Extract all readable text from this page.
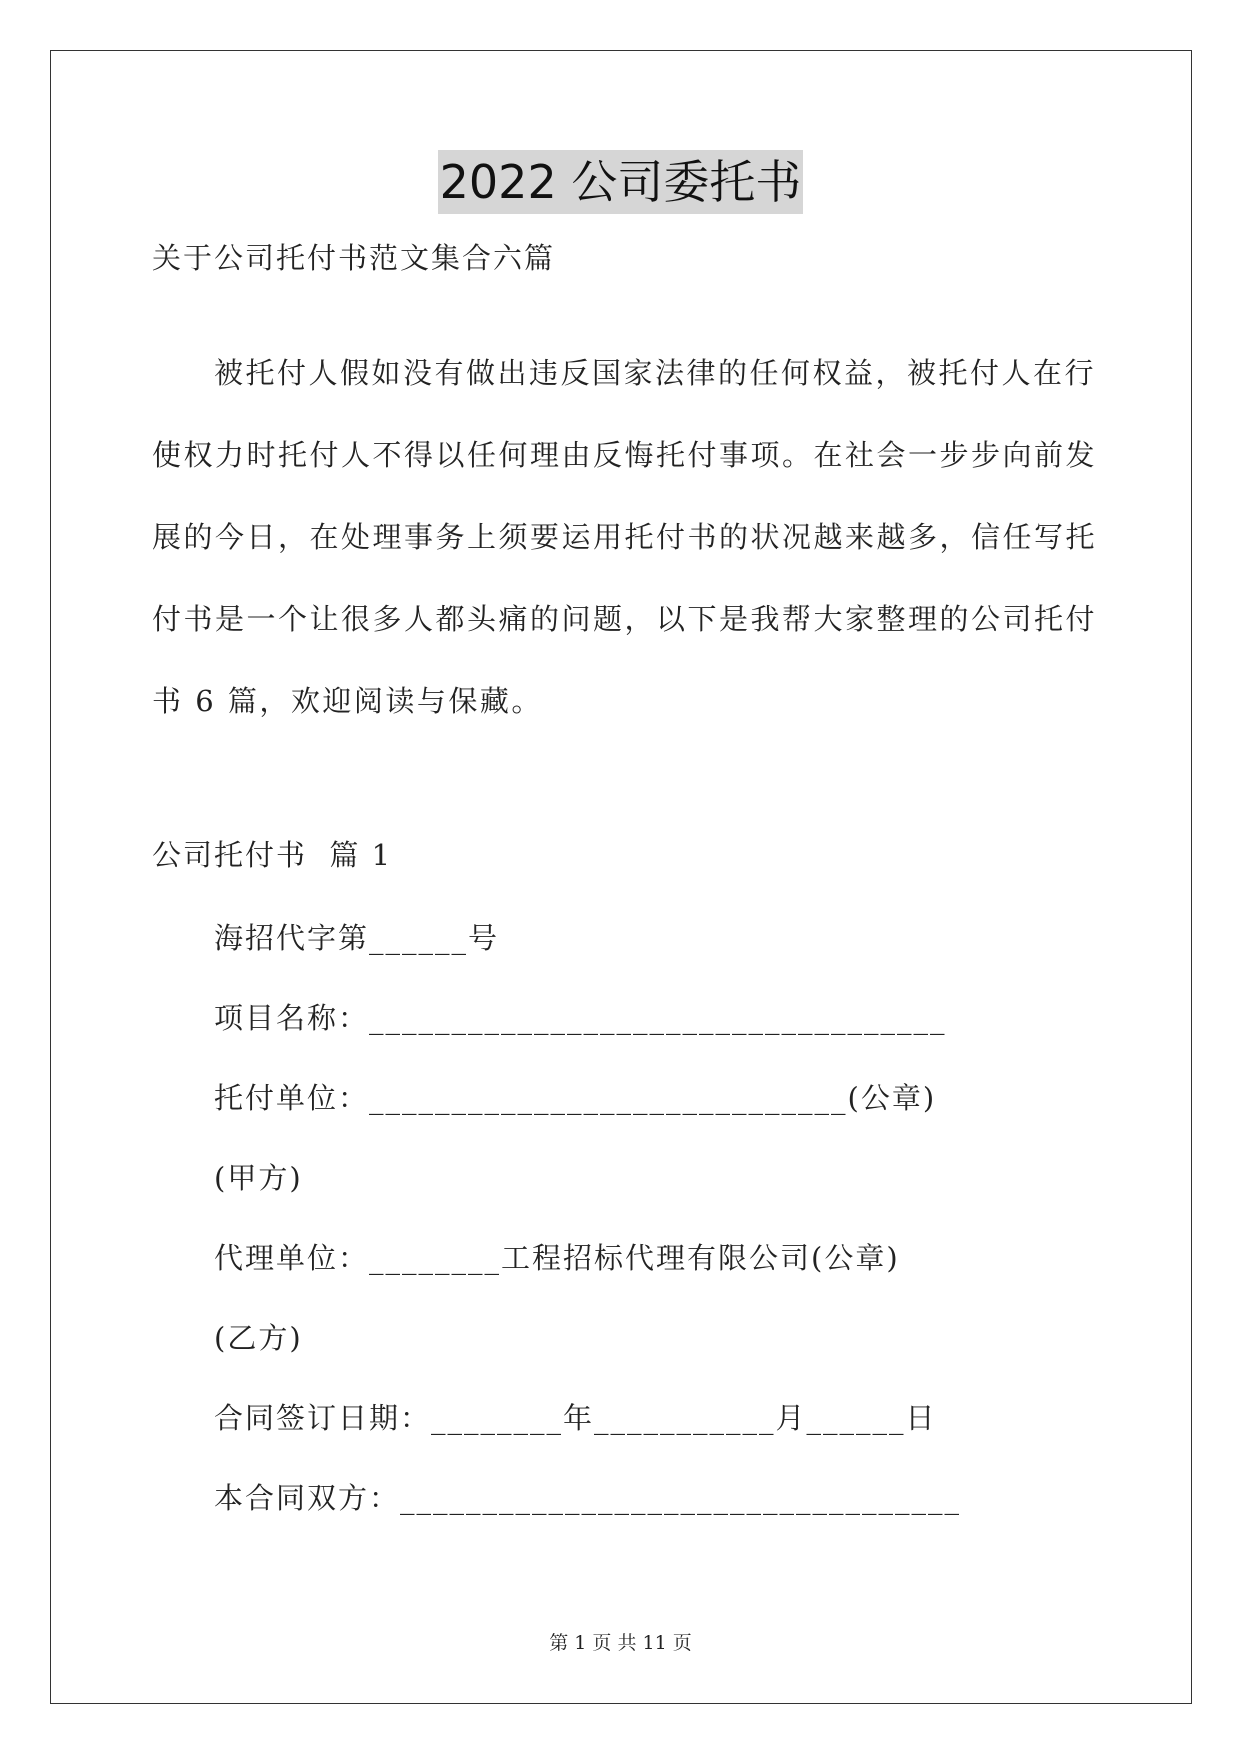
2022 公司委托书
关于公司托付书范文集合六篇

被托付人假如没有做出违反国家法律的任何权益，被托付人在行

使权力时托付人不得以任何理由反悔托付事项。在社会一步步向前发

展的今日，在处理事务上须要运用托付书的状况越来越多，信任写托

付书是一个让很多人都头痛的问题，以下是我帮大家整理的公司托付

书 6 篇，欢迎阅读与保藏。

公司托付书  篇 1
海招代字第______号
项目名称：___________________________________
托付单位：_____________________________(公章)
(甲方)
代理单位：________工程招标代理有限公司(公章)
(乙方)
合同签订日期：________年___________月______日
本合同双方：__________________________________
第 1 页 共 11 页
